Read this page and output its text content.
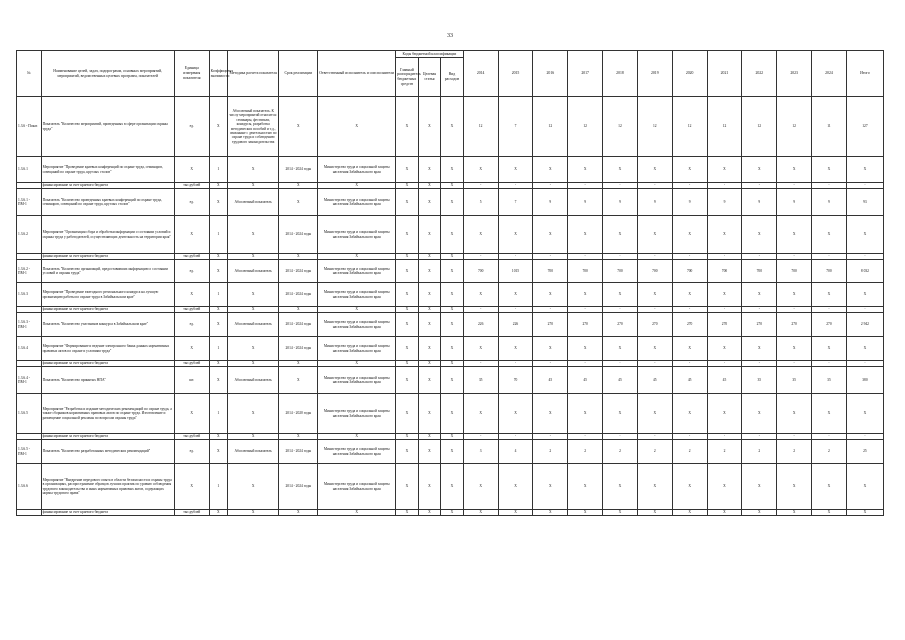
33
№	Наименование целей, задач, подпрограмм, основных мероприятий, мероприятий, ведомственных целевых программ, показателей	Единица измерения показателя	Коэффициент значимости	Методика расчета показателя	Срок реализации	Ответственный исполнитель и соисполнители	Коды бюджетной классификации			2014	2015	2016	2017	2018	2019	2020	2021	2022	2023	2024	Итого
							Главный распорядитель бюджетных средств	Целевая статья	Вид расходов												
1.3.6 - Показ	Показатель "Количество мероприятий, проведенных в сфере организации охраны труда"	ед.	X	Абсолютный показатель. К числу мероприятий относится: семинары, фестивали, конкурсы, разработка методических пособий и т.д., связанные с деятельностью по охране труда и соблюдению трудового законодательства	X	X	X	X	X	12	7	12	12	12	12	12	12	12	12	11	127
1.3.6.1	Мероприятие "Проведение краевых конференций по охране труда, семинаров, совещаний по охране труда, круглых столов"	X	1	X	2014 - 2024 годы	Министерство труда и социальной защиты населения Забайкальского края	X	X	X	X	X	X	X	X	X	X	X	X	X	X	X
	финансирование за счет краевого бюджета	тыс.рублей	X	X	X	X	X	X	X	-	-	-	-	-	-	-	-	-	-	-	-
1.3.6.1 - ПМ-1	Показатель "Количество проведенных краевых конференций по охране труда, семинаров, совещаний по охране труда, круглых столов"	ед.	X	Абсолютный показатель	X	Министерство труда и социальной защиты населения Забайкальского края	X	X	X	5	7	9	9	9	9	9	9	9	9	9	93
1.3.6.2	Мероприятие "Организация сбора и обработки информации о состоянии условий и охраны труда у работодателей, осуществляющих деятельность на территории края"	X	1	X	2014 - 2024 годы	Министерство труда и социальной защиты населения Забайкальского края	X	X	X	X	X	X	X	X	X	X	X	X	X	X	X
	финансирование за счет краевого бюджета	тыс.рублей	X	X	X	X	X	X	X	-	-	-	-	-	-	-	-	-	-	-	-
1.3.6.2 - ПМ-1	Показатель "Количество организаций, предоставивших информацию о состоянии условий и охраны труда"	ед.	X	Абсолютный показатель	2014 - 2024 годы	Министерство труда и социальной защиты населения Забайкальского края	X	X	X	700	1015	700	700	700	700	700	700	700	700	700	8 032
1.3.6.3	Мероприятие "Проведение ежегодного регионального конкурса на лучшую организацию работы по охране труда в Забайкальском крае"	X	1	X	2014 - 2024 годы	Министерство труда и социальной защиты населения Забайкальского края	X	X	X	X	X	X	X	X	X	X	X	X	X	X	X
	финансирование за счет краевого бюджета	тыс.рублей	X	X	X	X	X	X	X	-	-	-	-	-	-	-	-	-	-	-	-
1.3.6.3 - ПМ-1	Показатель "Количество участников конкурса в Забайкальском крае"	ед.	X	Абсолютный показатель	2014 - 2024 годы	Министерство труда и социальной защиты населения Забайкальского края	X	X	X	226	226	270	270	270	270	270	270	270	270	270	2 942
1.3.6.4	Мероприятие "Формирование и ведение электронного банка данных нормативных правовых актов по охране и условиям труда"	X	1	X	2014 - 2024 годы	Министерство труда и социальной защиты населения Забайкальского края	X	X	X	X	X	X	X	X	X	X	X	X	X	X	X
	финансирование за счет краевого бюджета	тыс.рублей	X	X	X	X	X	X	X	-	-	-	-	-	-	-	-	-	-	-	-
1.3.6.4 - ПМ-1	Показатель "Количество принятых НПА"	шт.	X	Абсолютный показатель	X	Министерство труда и социальной защиты населения Забайкальского края	X	X	X	35	70	45	45	45	45	45	45	35	35	35	380
1.3.6.5	Мероприятие "Разработка и издание методических рекомендаций по охране труда, а также сборников нормативных правовых актов по охране труда. Изготовление и размещение социальной рекламы по вопросам охраны труда"	X	1	X	2014 - 2020 годы	Министерство труда и социальной защиты населения Забайкальского края	X	X	X	X	X	X	X	X	X	X	X	X	X	X	X
	финансирование за счет краевого бюджета	тыс.рублей	X	X	X	X	X	X	X	-	-	-	-	-	-	-	-	-	-	-	-
1.3.6.5 - ПМ-1	Показатель "Количество разработанных методических рекомендаций"	ед.	X	Абсолютный показатель	2014 - 2024 годы	Министерство труда и социальной защиты населения Забайкальского края	X	X	X	3	4	2	2	2	2	2	2	2	2	2	25
1.3.6.6	Мероприятие "Внедрение передового опыта в области безопасности и охраны труда в организациях, распространение образцов лучших практик по уровню соблюдения трудового законодательства и иных нормативных правовых актов, содержащих нормы трудового права"	X	1	X	2014 - 2024 годы	Министерство труда и социальной защиты населения Забайкальского края	X	X	X	X	X	X	X	X	X	X	X	X	X	X	X
	финансирование за счет краевого бюджета	тыс.рублей	X	X	X	X	X	X	X	X	X	X	X	X	X	X	X	X	X	X	X
